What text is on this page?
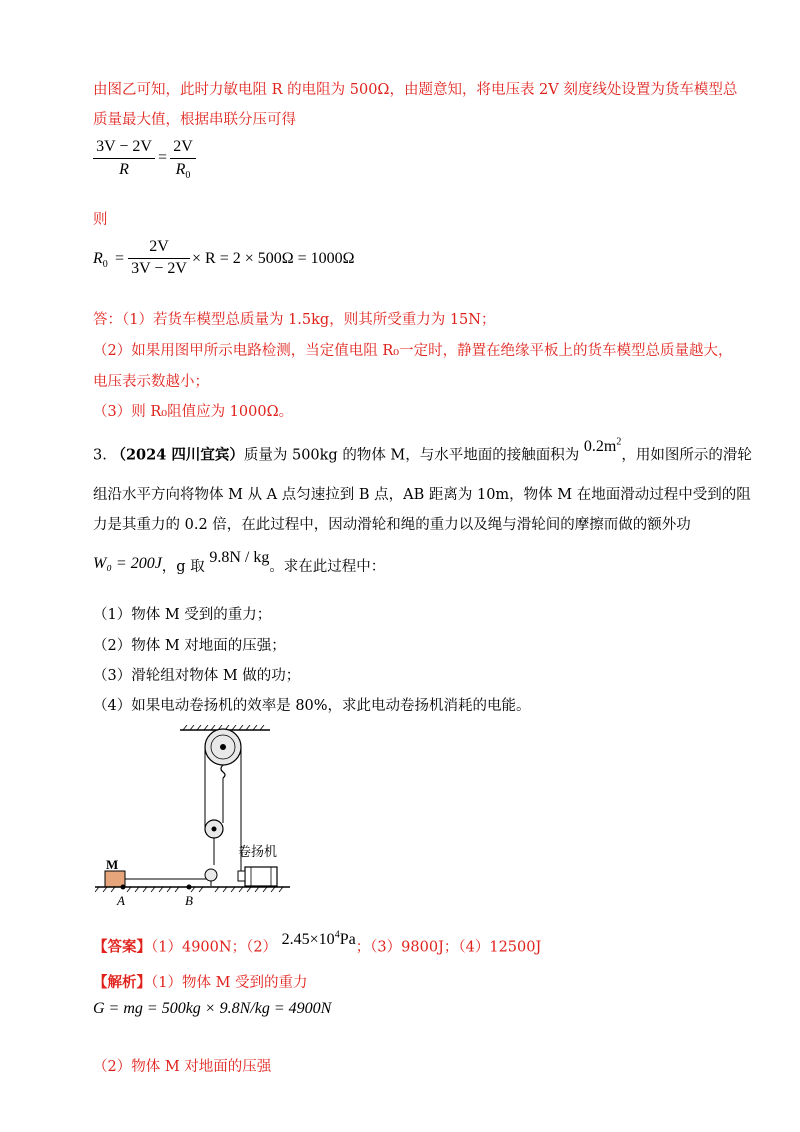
由图乙可知，此时力敏电阻 R 的电阻为 500Ω，由题意知，将电压表 2V 刻度线处设置为货车模型总
质量最大值，根据串联分压可得
3V − 2V
R
=
2V
$R_0$
则
$R_0$ =
2V
3V − 2V
× R = 2 × 500Ω = 1000Ω
答：（1）若货车模型总质量为 1.5kg，则其所受重力为 15N；
（2）如果用图甲所示电路检测，当定值电阻 R₀一定时，静置在绝缘平板上的货车模型总质量越大，
电压表示数越小；
（3）则 R₀阻值应为 1000Ω。
3. （2024 四川宜宾）质量为 500kg 的物体 M，与水平地面的接触面积为 $0.2m^2$，用如图所示的滑轮
组沿水平方向将物体 M 从 A 点匀速拉到 B 点，AB 距离为 10m，物体 M 在地面滑动过程中受到的阻
力是其重力的 0.2 倍，在此过程中，因动滑轮和绳的重力以及绳与滑轮间的摩擦而做的额外功
W₀ = 200J，g 取 9.8N / kg。求在此过程中：
（1）物体 M 受到的重力；
（2）物体 M 对地面的压强；
（3）滑轮组对物体 M 做的功；
（4）如果电动卷扬机的效率是 80%，求此电动卷扬机消耗的电能。
卷扬机
M
A	B
【答案】（1）4900N；（2） $2.45\times 10^4Pa$；（3）9800J；（4）12500J
【解析】（1）物体 M 受到的重力
G = mg = 500kg × 9.8N/kg = 4900N
（2）物体 M 对地面的压强
